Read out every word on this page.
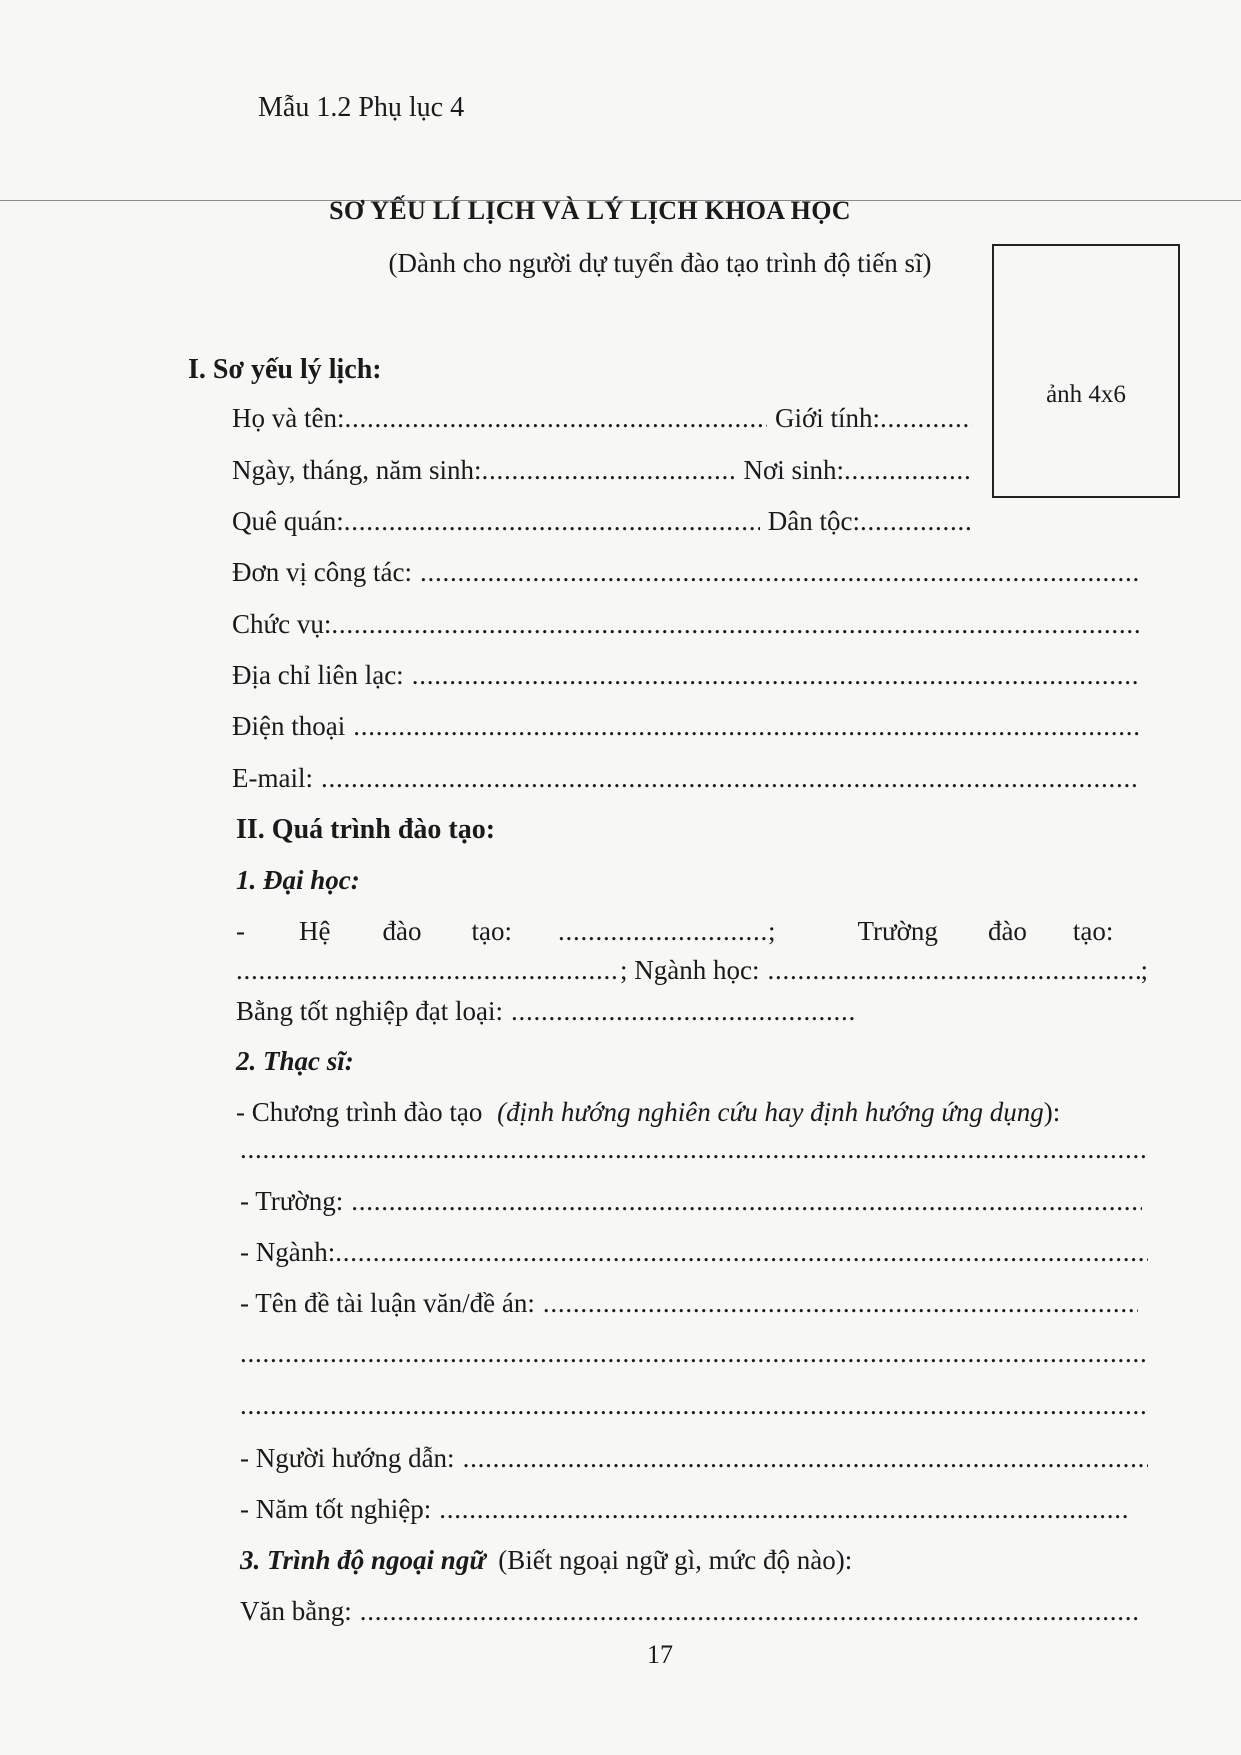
Mẫu 1.2 Phụ lục 4
SƠ YẾU LÍ LỊCH VÀ LÝ LỊCH KHOA HỌC
(Dành cho người dự tuyển đào tạo trình độ tiến sĩ)
ảnh 4x6
I. Sơ yếu lý lịch:
Họ và tên: . . .	Giới tính:
. . .
Ngày, tháng, năm sinh: . . .	Nơi sinh:
. . .
Quê quán: . . .	Dân tộc:
. . .
Đơn vị công tác:
. . .
Chức vụ:
. . .
Địa chỉ liên lạc:
. . .
Điện thoại
. . .
E-mail:
. . .
II. Quá trình đào tạo:
1. Đại học:
- Hệ đào tạo: . . .	;	Trường đào tạo:
. . .
; Ngành học: . . .	;
Bằng tốt nghiệp đạt loại:
. . .
2. Thạc sĩ:
- Chương trình đào tạo (định hướng nghiên cứu hay định hướng ứng dụng):
. . .
- Trường:
. . .
- Ngành:
. . .
- Tên đề tài luận văn/đề án:
. . .
. . .
. . .
- Người hướng dẫn:
. . .
- Năm tốt nghiệp:
. . .
3. Trình độ ngoại ngữ (Biết ngoại ngữ gì, mức độ nào):
Văn bằng:
. . .
17
